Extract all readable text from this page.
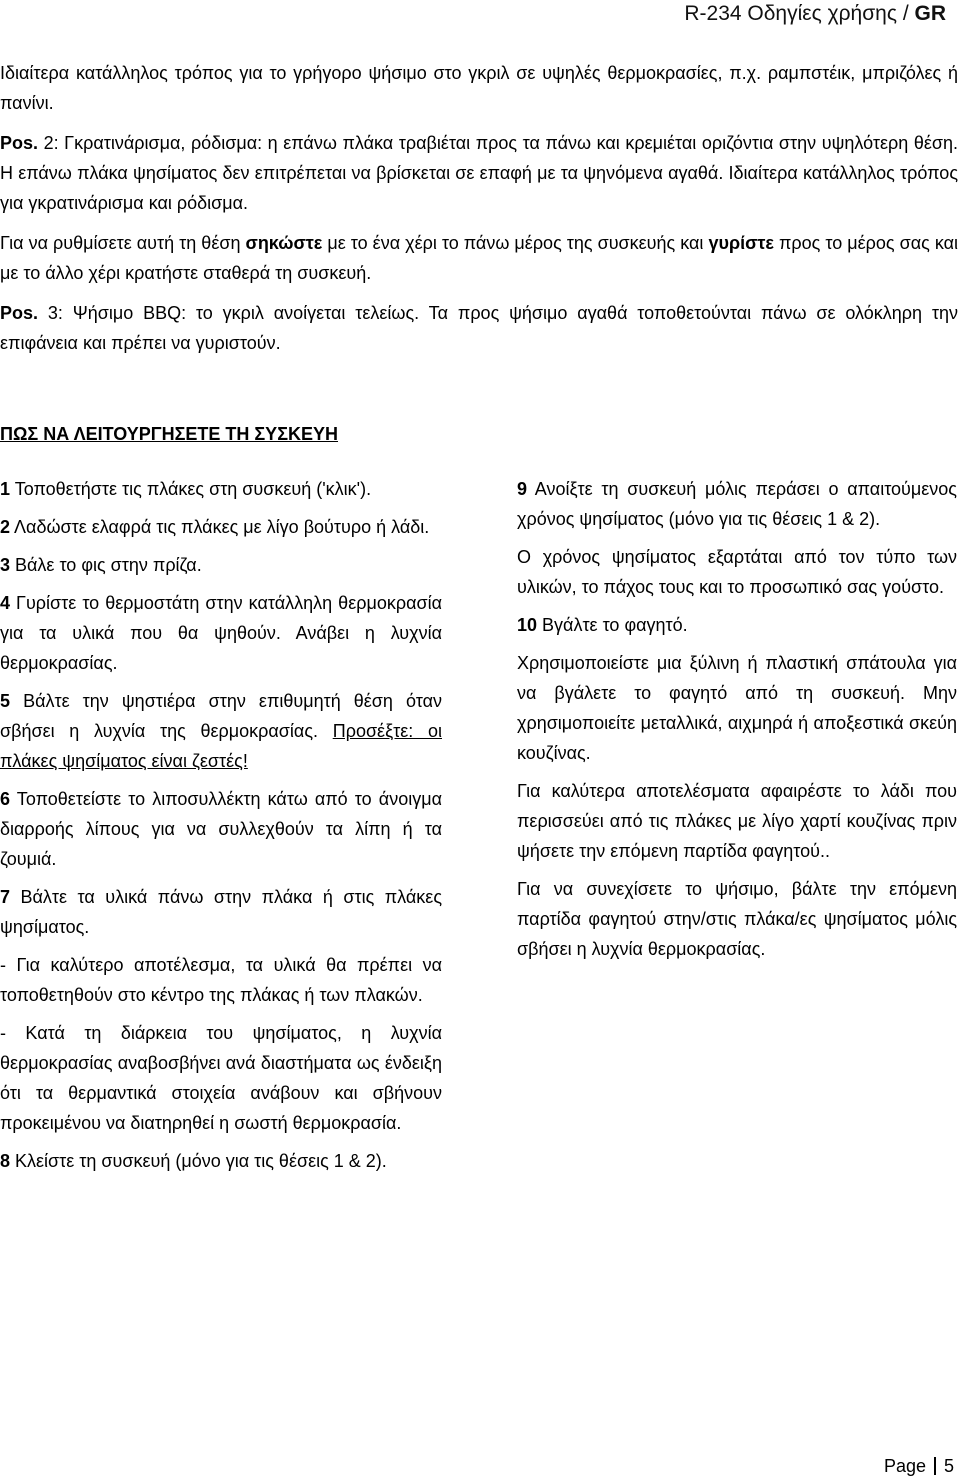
R-234 Οδηγίες χρήσης / GR

Ιδιαίτερα κατάλληλος τρόπος για το γρήγορο ψήσιμο στο γκριλ σε υψηλές θερμοκρασίες, π.χ. ραμπστέικ, μπριζόλες ή πανίνι.

Pos. 2: Γκρατινάρισμα, ρόδισμα: η επάνω πλάκα τραβιέται προς τα πάνω και κρεμιέται οριζόντια στην υψηλότερη θέση. Η επάνω πλάκα ψησίματος δεν επιτρέπεται να βρίσκεται σε επαφή με τα ψηνόμενα αγαθά. Ιδιαίτερα κατάλληλος τρόπος για γκρατινάρισμα και ρόδισμα.

Για να ρυθμίσετε αυτή τη θέση σηκώστε με το ένα χέρι το πάνω μέρος της συσκευής και γυρίστε προς το μέρος σας και με το άλλο χέρι κρατήστε σταθερά τη συσκευή.

Pos. 3: Ψήσιμο BBQ: το γκριλ ανοίγεται τελείως. Τα προς ψήσιμο αγαθά τοποθετούνται πάνω σε ολόκληρη την επιφάνεια και πρέπει να γυριστούν.

ΠΩΣ ΝΑ ΛΕΙΤΟΥΡΓΗΣΕΤΕ ΤΗ ΣΥΣΚΕΥΗ

1 Τοποθετήστε τις πλάκες στη συσκευή ('κλικ').

2 Λαδώστε ελαφρά τις πλάκες με λίγο βούτυρο ή λάδι.

3 Βάλε το φις στην πρίζα.

4 Γυρίστε το θερμοστάτη στην κατάλληλη θερμοκρασία για τα υλικά που θα ψηθούν. Ανάβει η λυχνία θερμοκρασίας.

5 Βάλτε την ψηστιέρα στην επιθυμητή θέση όταν σβήσει η λυχνία της θερμοκρασίας. Προσέξτε: οι πλάκες ψησίματος είναι ζεστές!

6 Τοποθετείστε το λιποσυλλέκτη κάτω από το άνοιγμα διαρροής λίπους για να συλλεχθούν τα λίπη ή τα ζουμιά.

7 Βάλτε τα υλικά πάνω στην πλάκα ή στις πλάκες ψησίματος.

- Για καλύτερο αποτέλεσμα, τα υλικά θα πρέπει να τοποθετηθούν στο κέντρο της πλάκας ή των πλακών.

- Κατά τη διάρκεια του ψησίματος, η λυχνία θερμοκρασίας αναβοσβήνει ανά διαστήματα ως ένδειξη ότι τα θερμαντικά στοιχεία ανάβουν και σβήνουν προκειμένου να διατηρηθεί η σωστή θερμοκρασία.

8 Κλείστε τη συσκευή (μόνο για τις θέσεις 1 & 2).

9 Ανοίξτε τη συσκευή μόλις περάσει ο απαιτούμενος χρόνος ψησίματος (μόνο για τις θέσεις 1 & 2).

Ο χρόνος ψησίματος εξαρτάται από τον τύπο των υλικών, το πάχος τους και το προσωπικό σας γούστο.

10 Βγάλτε το φαγητό.

Χρησιμοποιείστε μια ξύλινη ή πλαστική σπάτουλα για να βγάλετε το φαγητό από τη συσκευή. Μην χρησιμοποιείτε μεταλλικά, αιχμηρά ή αποξεστικά σκεύη κουζίνας.

Για καλύτερα αποτελέσματα αφαιρέστε το λάδι που περισσεύει από τις πλάκες με λίγο χαρτί κουζίνας πριν ψήσετε την επόμενη παρτίδα φαγητού..

Για να συνεχίσετε το ψήσιμο, βάλτε την επόμενη παρτίδα φαγητού στην/στις πλάκα/ες ψησίματος μόλις σβήσει η λυχνία θερμοκρασίας.

Page 5
